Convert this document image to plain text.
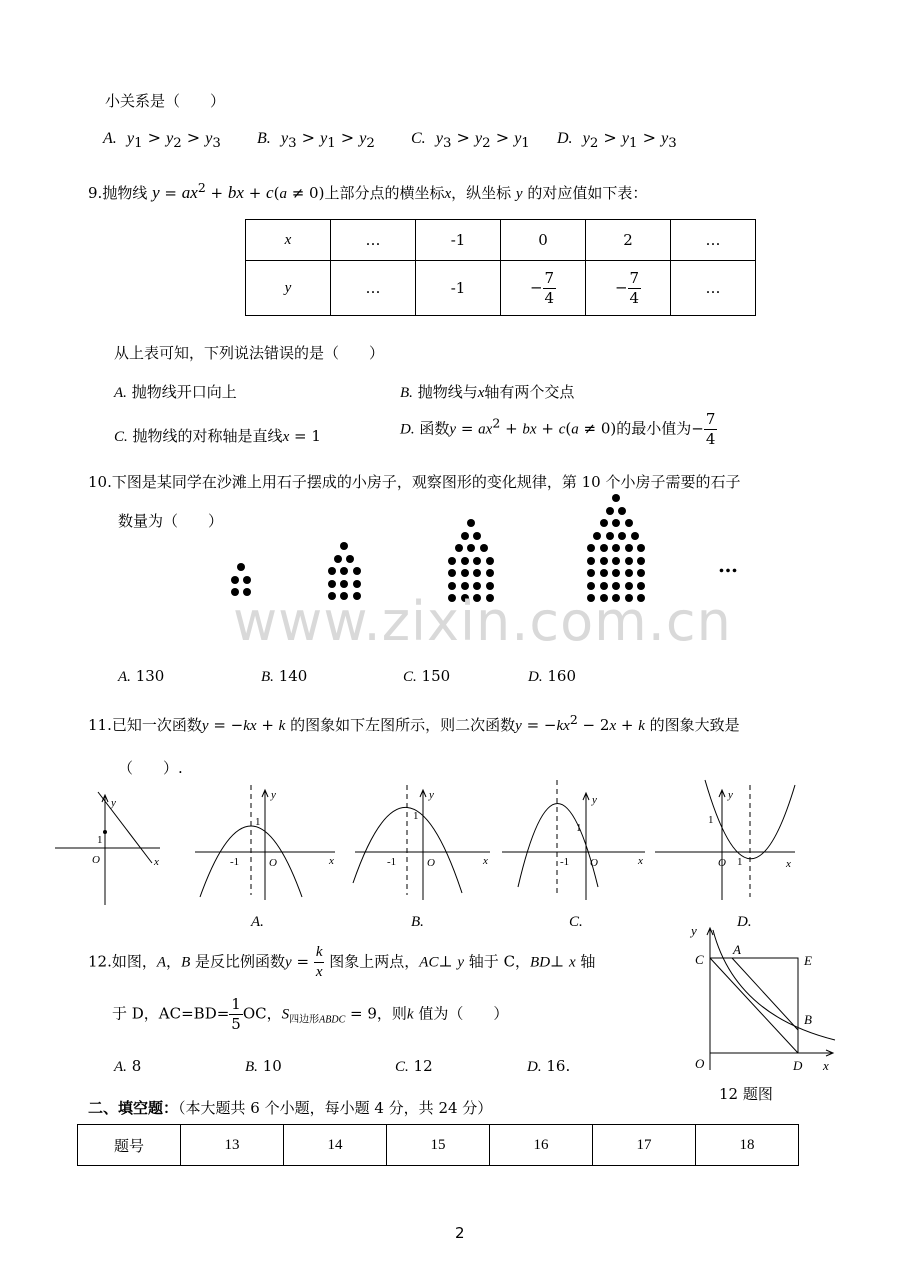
小关系是（　　）
A. $y_1 > y_2 > y_3$ B. $y_3 > y_1 > y_2$ C. $y_3 > y_2 > y_1$ D. $y_2 > y_1 > y_3$
9.抛物线 $y = ax^2$ + bx + c(a ≠ 0)上部分点的横坐标x，纵坐标 y 的对应值如下表：
x	…	-1	0	2	…
y	…	-1	− $\frac{7}{4}$	− $\frac{7}{4}$	…
从上表可知，下列说法错误的是（　　）
A. 抛物线开口向上	B. 抛物线与x轴有两个交点
C. 抛物线的对称轴是直线x = 1	D. 函数$y = ax^2$ + bx + c(a ≠ 0)的最小值为− $\frac{7}{4}$
10.下图是某同学在沙滩上用石子摆成的小房子，观察图形的变化规律，第 10 个小房子需要的石子
数量为（　　）
…
www.zixin.com.cn
A. 130	B. 140	C. 150	D. 160
11.已知一次函数y = −kx + k 的图象如下左图所示，则二次函数$y = -kx^2 - 2x + k$ 的图象大致是
（　　）.
y
x
O
y
x
O
y
x
O
y
x
O
y
x
O
1
-1
1
-1
1
-1
1
1
1
A.	B.	C.	D.
12.如图，A，B 是反比例函数$y = \frac{k}{x}$ 图象上两点，AC⊥ y 轴于 C，BD⊥ x 轴
于 D，$AC=BD= \frac{1}{5}$ OC，$S_{四边形ABDC} = 9$，则k 值为（　　）
A. 8	B. 10	C. 12	D. 16.
y
C
A
E
B
O	D x
12 题图
二、填空题：（本大题共 6 个小题，每小题 4 分，共 24 分）
题号	13	14	15	16	17	18
2
